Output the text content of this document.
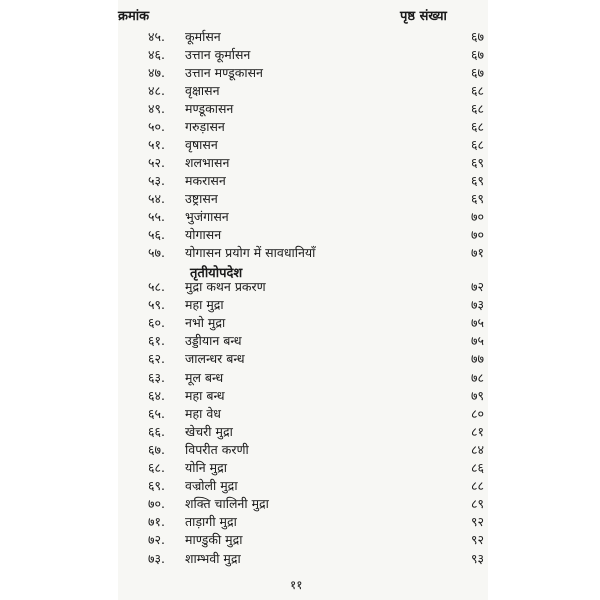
क्रमांक	पृष्ठ संख्या
४५. कूर्मासन	६७
४६. उत्तान कूर्मासन	६७
४७. उत्तान मण्डूकासन	६७
४८. वृक्षासन	६८
४९. मण्डूकासन	६८
५०. गरुड़ासन	६८
५१. वृषासन	६८
५२. शलभासन	६९
५३. मकरासन	६९
५४. उष्ट्रासन	६९
५५. भुजंगासन	७०
५६. योगासन	७०
५७. योगासन प्रयोग में सावधानियाँ	७१
तृतीयोपदेश
५८. मुद्रा कथन प्रकरण	७२
५९. महा मुद्रा	७३
६०. नभो मुद्रा	७५
६१. उड्डीयान बन्ध	७५
६२. जालन्धर बन्ध	७७
६३. मूल बन्ध	७८
६४. महा बन्ध	७९
६५. महा वेध	८०
६६. खेचरी मुद्रा	८१
६७. विपरीत करणी	८४
६८. योनि मुद्रा	८६
६९. वज्रोली मुद्रा	८८
७०. शक्ति चालिनी मुद्रा	८९
७१. ताड़ागी मुद्रा	९२
७२. माण्डुकी मुद्रा	९२
७३. शाम्भवी मुद्रा	९३
११
